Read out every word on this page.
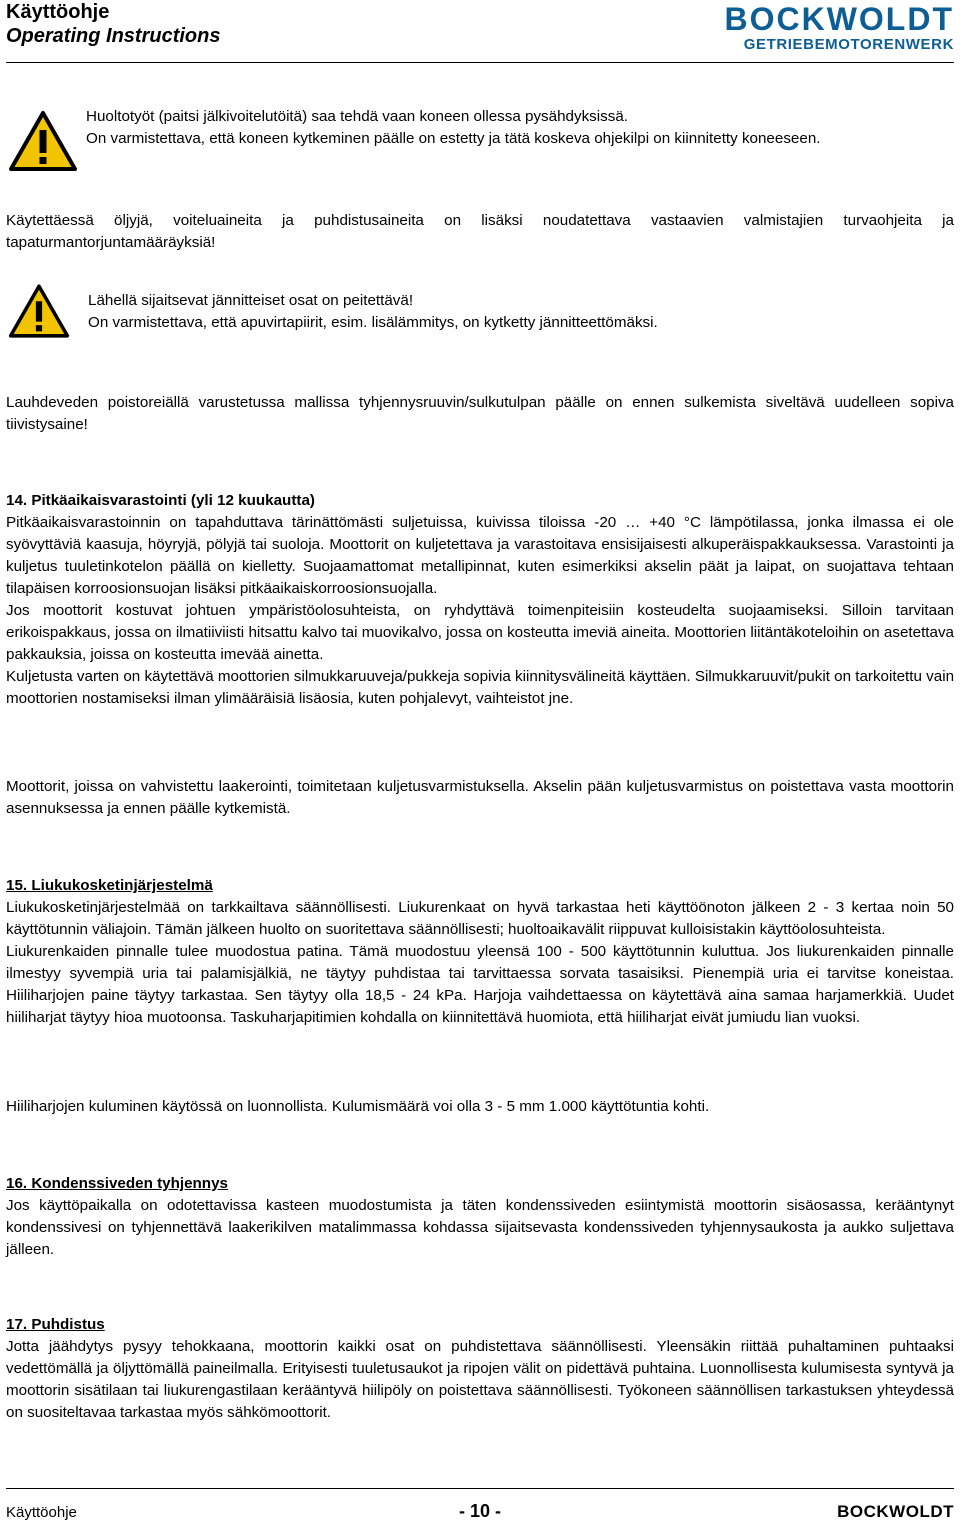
Käyttöohje
Operating Instructions	BOCKWOLDT
GETRIEBEMOTORENWERK
Huoltotyöt (paitsi jälkivoitelutöitä) saa tehdä vaan koneen ollessa pysähdyksissä.
On varmistettava, että koneen kytkeminen päälle on estetty ja tätä koskeva ohjekilpi on kiinnitetty koneeseen.
Käytettäessä öljyjä, voiteluaineita ja puhdistusaineita on lisäksi noudatettava vastaavien valmistajien turvaohjeita ja tapaturmantorjuntamääräyksiä!
Lähellä sijaitsevat jännitteiset osat on peitettävä!
On varmistettava, että apuvirtapiirit, esim. lisälämmitys, on kytketty jännitteettömäksi.
Lauhdeveden poistoreiällä varustetussa mallissa tyhjennysruuvin/sulkutulpan päälle on ennen sulkemista siveltävä uudelleen sopiva tiivistysaine!
14. Pitkäaikaisvarastointi (yli 12 kuukautta)
Pitkäaikaisvarastoinnin on tapahduttava tärinättömästi suljetuissa, kuivissa tiloissa -20 … +40 °C lämpötilassa, jonka ilmassa ei ole syövyttäviä kaasuja, höyryjä, pölyjä tai suoloja. Moottorit on kuljetettava ja varastoitava ensisijaisesti alkuperäispakkauksessa. Varastointi ja kuljetus tuuletinkotelon päällä on kielletty. Suojaamattomat metallipinnat, kuten esimerkiksi akselin päät ja laipat, on suojattava tehtaan tilapäisen korroosionsuojan lisäksi pitkäaikaiskorroosionsuojalla.
Jos moottorit kostuvat johtuen ympäristöolosuhteista, on ryhdyttävä toimenpiteisiin kosteudelta suojaamiseksi. Silloin tarvitaan erikoispakkaus, jossa on ilmatiiviisti hitsattu kalvo tai muovikalvo, jossa on kosteutta imeviä aineita. Moottorien liitäntäkoteloihin on asetettava pakkauksia, joissa on kosteutta imevää ainetta.
Kuljetusta varten on käytettävä moottorien silmukkaruuveja/pukkeja sopivia kiinnitysvälineitä käyttäen. Silmukkaruuvit/pukit on tarkoitettu vain moottorien nostamiseksi ilman ylimääräisiä lisäosia, kuten pohjalevyt, vaihteistot jne.
Moottorit, joissa on vahvistettu laakerointi, toimitetaan kuljetusvarmistuksella. Akselin pään kuljetusvarmistus on poistettava vasta moottorin asennuksessa ja ennen päälle kytkemistä.
15. Liukukosketinjärjestelmä
Liukukosketinjärjestelmää on tarkkailtava säännöllisesti. Liukurenkaat on hyvä tarkastaa heti käyttöönoton jälkeen 2 - 3 kertaa noin 50 käyttötunnin väliajoin. Tämän jälkeen huolto on suoritettava säännöllisesti; huoltoaikavälit riippuvat kulloisistakin käyttöolosuhteista.
Liukurenkaiden pinnalle tulee muodostua patina. Tämä muodostuu yleensä 100 - 500 käyttötunnin kuluttua. Jos liukurenkaiden pinnalle ilmestyy syvempiä uria tai palamisjälkiä, ne täytyy puhdistaa tai tarvittaessa sorvata tasaisiksi. Pienempiä uria ei tarvitse koneistaa. Hiiliharjojen paine täytyy tarkastaa. Sen täytyy olla 18,5 - 24 kPa. Harjoja vaihdettaessa on käytettävä aina samaa harjamerkkiä. Uudet hiiliharjat täytyy hioa muotoonsa. Taskuharjapitimien kohdalla on kiinnitettävä huomiota, että hiiliharjat eivät jumiudu lian vuoksi.
Hiiliharjojen kuluminen käytössä on luonnollista. Kulumismäärä voi olla 3 - 5 mm 1.000 käyttötuntia kohti.
16. Kondenssiveden tyhjennys
Jos käyttöpaikalla on odotettavissa kasteen muodostumista ja täten kondenssiveden esiintymistä moottorin sisäosassa, kerääntynyt kondenssivesi on tyhjennettävä laakerikilven matalimmassa kohdassa sijaitsevasta kondenssiveden tyhjennysaukosta ja aukko suljettava jälleen.
17. Puhdistus
Jotta jäähdytys pysyy tehokkaana, moottorin kaikki osat on puhdistettava säännöllisesti. Yleensäkin riittää puhaltaminen puhtaaksi vedettömällä ja öljyttömällä paineilmalla. Erityisesti tuuletusaukot ja ripojen välit on pidettävä puhtaina. Luonnollisesta kulumisesta syntyvä ja moottorin sisätilaan tai liukurengastilaan kerääntyvä hiilipöly on poistettava säännöllisesti. Työkoneen säännöllisen tarkastuksen yhteydessä on suositeltavaa tarkastaa myös sähkömoottorit.
Käyttöohje	- 10 -	BOCKWOLDT
